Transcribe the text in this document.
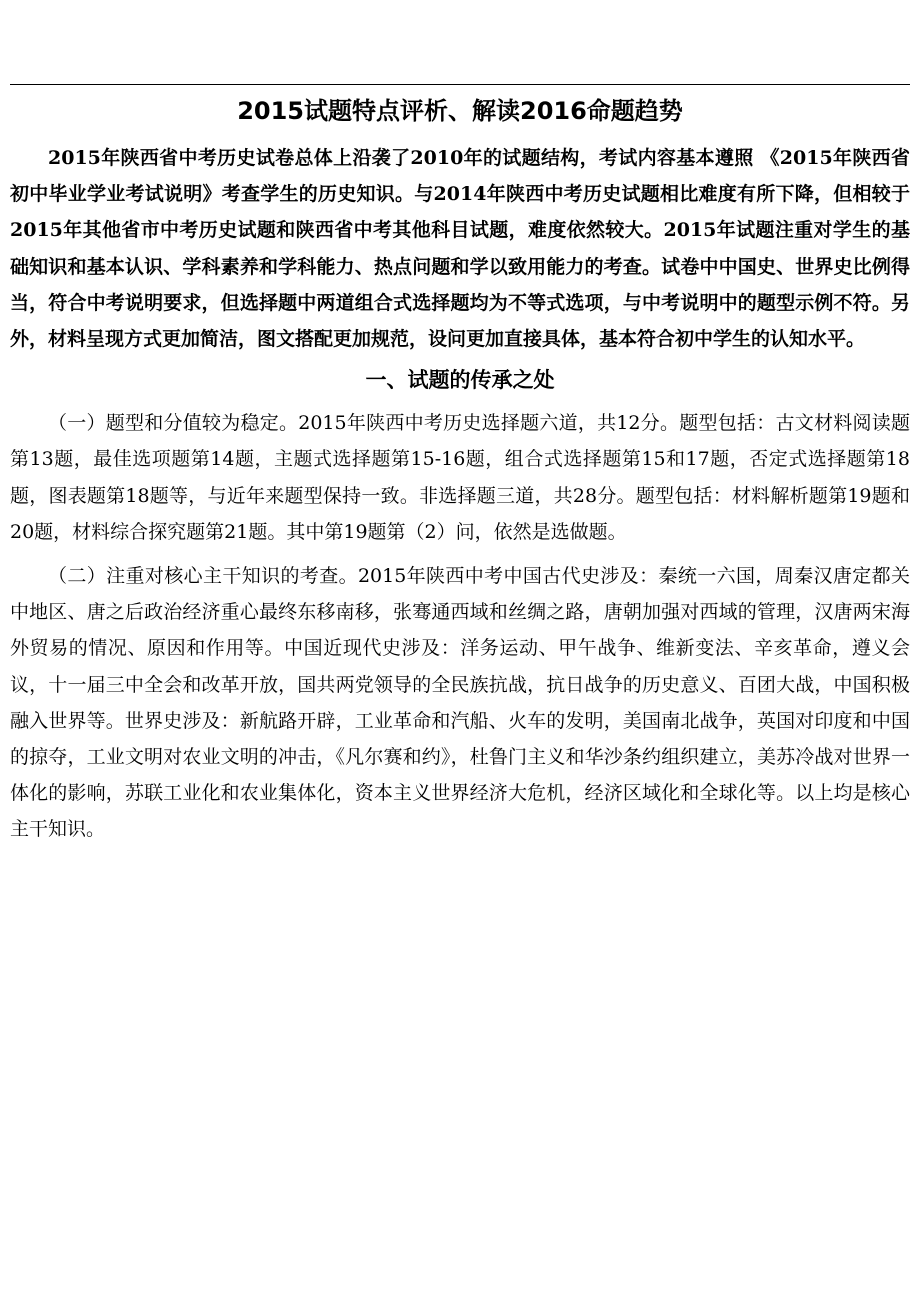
2015试题特点评析、解读2016命题趋势

2015年陕西省中考历史试卷总体上沿袭了2010年的试题结构，考试内容基本遵照 《2015年陕西省初中毕业学业考试说明》考查学生的历史知识。与2014年陕西中考历史试题相比难度有所下降，但相较于2015年其他省市中考历史试题和陕西省中考其他科目试题，难度依然较大。2015年试题注重对学生的基础知识和基本认识、学科素养和学科能力、热点问题和学以致用能力的考查。试卷中中国史、世界史比例得当，符合中考说明要求，但选择题中两道组合式选择题均为不等式选项，与中考说明中的题型示例不符。另外，材料呈现方式更加简洁，图文搭配更加规范，设问更加直接具体，基本符合初中学生的认知水平。

一、试题的传承之处

（一）题型和分值较为稳定。2015年陕西中考历史选择题六道，共12分。题型包括：古文材料阅读题第13题，最佳选项题第14题，主题式选择题第15-16题，组合式选择题第15和17题，否定式选择题第18题，图表题第18题等，与近年来题型保持一致。非选择题三道，共28分。题型包括：材料解析题第19题和20题，材料综合探究题第21题。其中第19题第（2）问，依然是选做题。

（二）注重对核心主干知识的考查。2015年陕西中考中国古代史涉及：秦统一六国，周秦汉唐定都关中地区、唐之后政治经济重心最终东移南移，张骞通西域和丝绸之路，唐朝加强对西域的管理，汉唐两宋海外贸易的情况、原因和作用等。中国近现代史涉及：洋务运动、甲午战争、维新变法、辛亥革命，遵义会议，十一届三中全会和改革开放，国共两党领导的全民族抗战，抗日战争的历史意义、百团大战，中国积极融入世界等。世界史涉及：新航路开辟，工业革命和汽船、火车的发明，美国南北战争，英国对印度和中国的掠夺，工业文明对农业文明的冲击，《凡尔赛和约》，杜鲁门主义和华沙条约组织建立，美苏冷战对世界一体化的影响，苏联工业化和农业集体化，资本主义世界经济大危机，经济区域化和全球化等。以上均是核心主干知识。
